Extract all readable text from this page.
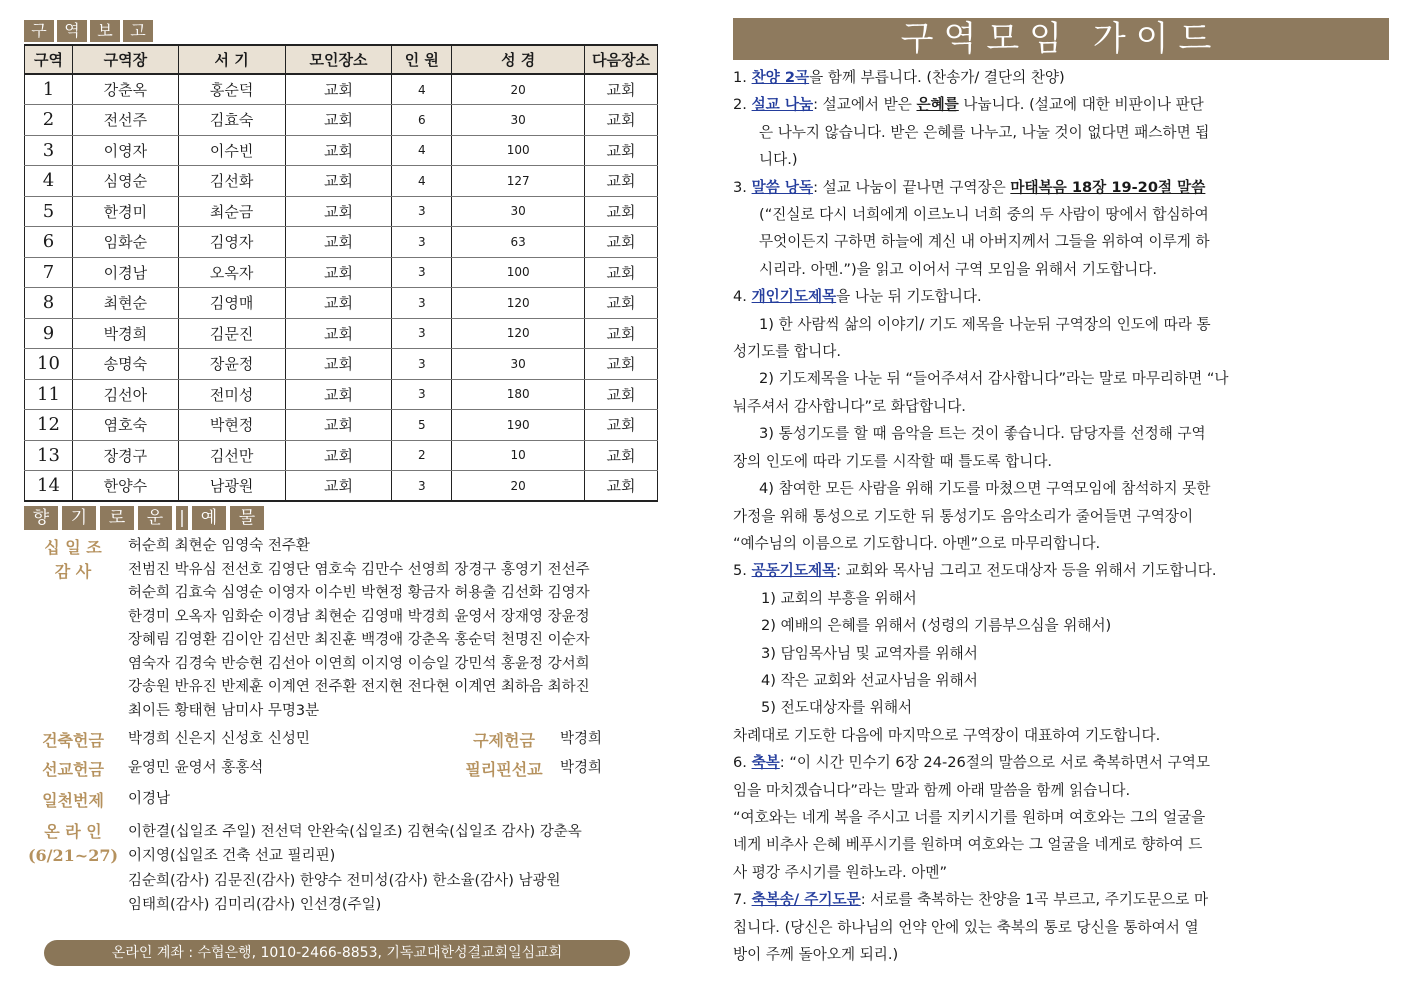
구	역	보	고
구역	구역장	서 기	모인장소	인 원	성 경	다음장소
1	강춘옥	홍순덕	교회	4	20	교회
2	전선주	김효숙	교회	6	30	교회
3	이영자	이수빈	교회	4	100	교회
4	심영순	김선화	교회	4	127	교회
5	한경미	최순금	교회	3	30	교회
6	임화순	김영자	교회	3	63	교회
7	이경남	오옥자	교회	3	100	교회
8	최현순	김영매	교회	3	120	교회
9	박경희	김문진	교회	3	120	교회
10	송명숙	장윤정	교회	3	30	교회
11	김선아	전미성	교회	3	180	교회
12	염호숙	박현정	교회	5	190	교회
13	장경구	김선만	교회	2	10	교회
14	한양수	남광원	교회	3	20	교회
향	기	로	운 | 예	물
십 일 조	허순희 최현순 임영숙 전주환
감 사	전범진 박유심 전선호 김영단 염호숙 김만수 선영희 장경구 홍영기 전선주
허순희 김효숙 심영순 이영자 이수빈 박현정 황금자 허용출 김선화 김영자
한경미 오옥자 임화순 이경남 최현순 김영매 박경희 윤영서 장재영 장윤정
장혜림 김영환 김이안 김선만 최진훈 백경애 강춘옥 홍순덕 천명진 이순자
염숙자 김경숙 반승현 김선아 이연희 이지영 이승일 강민석 홍윤정 강서희
강송원 반유진 반제훈 이계연 전주환 전지현 전다현 이계연 최하음 최하진
최이든 황태현 남미사 무명3분
건축헌금	박경희 신은지 신성호 신성민	구제헌금	박경희
선교헌금	윤영민 윤영서 홍홍석	필리핀선교	박경희
일천번제	이경남
온 라 인
(6/21~27)
이한결(십일조 주일) 전선덕 안완숙(십일조) 김현숙(십일조 감사) 강춘옥
이지영(십일조 건축 선교 필리핀)
김순희(감사) 김문진(감사) 한양수 전미성(감사) 한소율(감사) 남광원
임태희(감사) 김미리(감사) 인선경(주일)
온라인 계좌 : 수협은행, 1010-2466-8853, 기독교대한성결교회일심교회
구역모임 가이드
1. 찬양 2곡을 함께 부릅니다. (찬송가/ 결단의 찬양)
2. 설교 나눔: 설교에서 받은 은혜를 나눕니다. (설교에 대한 비판이나 판단
은 나누지 않습니다. 받은 은혜를 나누고, 나눌 것이 없다면 패스하면 됩
니다.)
3. 말씀 낭독: 설교 나눔이 끝나면 구역장은 마태복음 18장 19-20절 말씀
(“진실로 다시 너희에게 이르노니 너희 중의 두 사람이 땅에서 합심하여
무엇이든지 구하면 하늘에 계신 내 아버지께서 그들을 위하여 이루게 하
시리라. 아멘.”)을 읽고 이어서 구역 모임을 위해서 기도합니다.
4. 개인기도제목을 나눈 뒤 기도합니다.
1) 한 사람씩 삶의 이야기/ 기도 제목을 나눈뒤 구역장의 인도에 따라 통
성기도를 합니다.
2) 기도제목을 나눈 뒤 “들어주셔서 감사합니다”라는 말로 마무리하면 “나
눠주셔서 감사합니다”로 화답합니다.
3) 통성기도를 할 때 음악을 트는 것이 좋습니다. 담당자를 선정해 구역
장의 인도에 따라 기도를 시작할 때 틀도록 합니다.
4) 참여한 모든 사람을 위해 기도를 마쳤으면 구역모임에 참석하지 못한
가정을 위해 통성으로 기도한 뒤 통성기도 음악소리가 줄어들면 구역장이
“예수님의 이름으로 기도합니다. 아멘”으로 마무리합니다.
5. 공동기도제목: 교회와 목사님 그리고 전도대상자 등을 위해서 기도합니다.
1) 교회의 부흥을 위해서
2) 예배의 은혜를 위해서 (성령의 기름부으심을 위해서)
3) 담임목사님 및 교역자를 위해서
4) 작은 교회와 선교사님을 위해서
5) 전도대상자를 위해서
차례대로 기도한 다음에 마지막으로 구역장이 대표하여 기도합니다.
6. 축복: “이 시간 민수기 6장 24-26절의 말씀으로 서로 축복하면서 구역모
임을 마치겠습니다”라는 말과 함께 아래 말씀을 함께 읽습니다.
“여호와는 네게 복을 주시고 너를 지키시기를 원하며 여호와는 그의 얼굴을
네게 비추사 은혜 베푸시기를 원하며 여호와는 그 얼굴을 네게로 향하여 드
사 평강 주시기를 원하노라. 아멘”
7. 축복송/ 주기도문: 서로를 축복하는 찬양을 1곡 부르고, 주기도문으로 마
칩니다. (당신은 하나님의 언약 안에 있는 축복의 통로 당신을 통하여서 열
방이 주께 돌아오게 되리.)
